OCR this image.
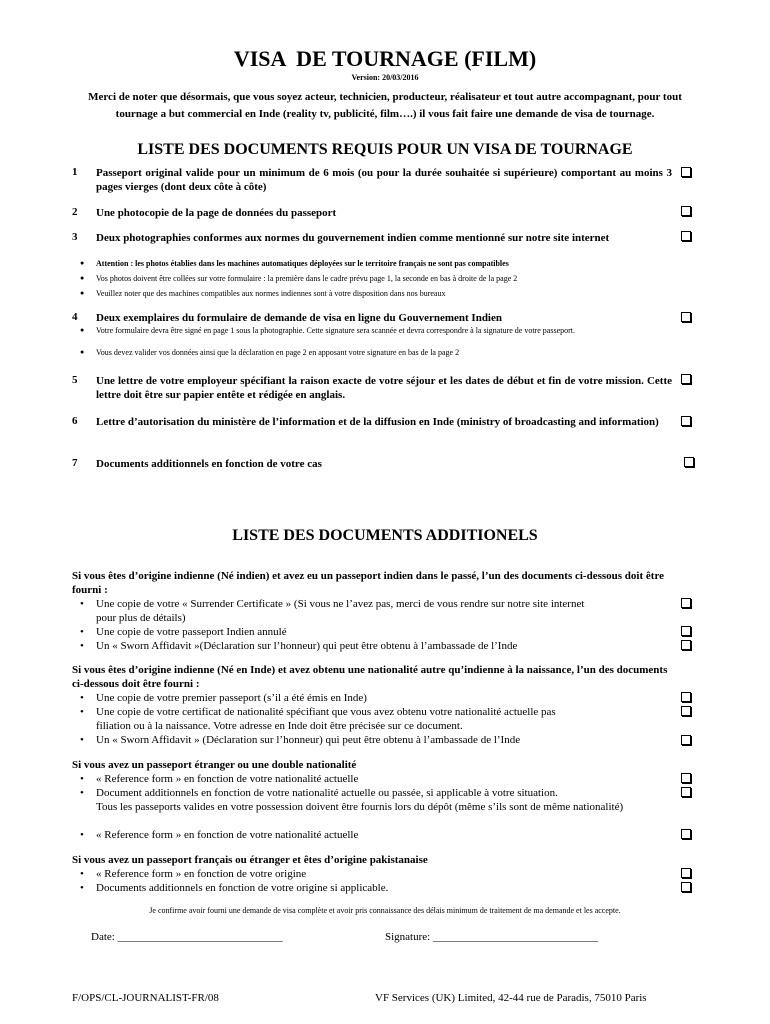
VISA  DE TOURNAGE (FILM)
Version: 20/03/2016
Merci de noter que désormais, que vous soyez acteur, technicien, producteur, réalisateur et tout autre accompagnant, pour tout tournage a but commercial en Inde (reality tv, publicité, film….) il vous fait faire une demande de visa de tournage.
LISTE DES DOCUMENTS REQUIS POUR UN VISA DE TOURNAGE
1 Passeport original valide pour un minimum de 6 mois (ou pour la durée souhaitée si supérieure) comportant au moins 3 pages vierges (dont deux côte à côte)
2 Une photocopie de la page de données du passeport
3 Deux photographies conformes aux normes du gouvernement indien comme mentionné sur notre site internet
● Attention : les photos établies dans les machines automatiques déployées sur le territoire français ne sont pas compatibles
● Vos photos doivent être collées sur votre formulaire : la première dans le cadre prévu page 1, la seconde en bas à droite de la page 2
● Veuillez noter que des machines compatibles aux normes indiennes sont à votre disposition dans nos bureaux
4 Deux exemplaires du formulaire de demande de visa en ligne du Gouvernement Indien
● Votre formulaire devra être signé en page 1 sous la photographie. Cette signature sera scannée et devra correspondre à la signature de votre passeport.
● Vous devez valider vos données ainsi que la déclaration en page 2 en apposant votre signature en bas de la page 2
5 Une lettre de votre employeur spécifiant la raison exacte de votre séjour et les dates de début et fin de votre mission. Cette lettre doit être sur papier entête et rédigée en anglais.
6 Lettre d’autorisation du ministère de l’information et de la diffusion en Inde (ministry of broadcasting and information)
7 Documents additionnels en fonction de votre cas
LISTE DES DOCUMENTS ADDITIONELS
Si vous êtes d’origine indienne (Né indien) et avez eu un passeport indien dans le passé, l’un des documents ci-dessous doit être fourni :
• Une copie de votre « Surrender Certificate » (Si vous ne l’avez pas, merci de vous rendre sur notre site internet
pour plus de détails)
• Une copie de votre passeport Indien annulé
• Un « Sworn Affidavit »(Déclaration sur l’honneur) qui peut être obtenu à l’ambassade de l’Inde
Si vous êtes d’origine indienne (Né en Inde) et avez obtenu une nationalité autre qu’indienne à la naissance, l’un des documents ci-dessous doit être fourni :
• Une copie de votre premier passeport (s’il a été émis en Inde)
• Une copie de votre certificat de nationalité spécifiant que vous avez obtenu votre nationalité actuelle pas
filiation ou à la naissance. Votre adresse en Inde doit être précisée sur ce document.
• Un « Sworn Affidavit » (Déclaration sur l’honneur) qui peut être obtenu à l’ambassade de l’Inde
Si vous avez un passeport étranger ou une double nationalité
• « Reference form » en fonction de votre nationalité actuelle
• Document additionnels en fonction de votre nationalité actuelle ou passée, si applicable à votre situation.
Tous les passeports valides en votre possession doivent être fournis lors du dépôt (même s’ils sont de même nationalité)
• « Reference form » en fonction de votre nationalité actuelle
Si vous avez un passeport français ou étranger et êtes d’origine pakistanaise
• « Reference form » en fonction de votre origine
• Documents additionnels en fonction de votre origine si applicable.
Je confirme avoir fourni une demande de visa complète et avoir pris connaissance des délais minimum de traitement de ma demande et les accepte.
Date: ______________________________	Signature: ______________________________
F/OPS/CL-JOURNALIST-FR/08	VF Services (UK) Limited, 42-44 rue de Paradis, 75010 Paris
